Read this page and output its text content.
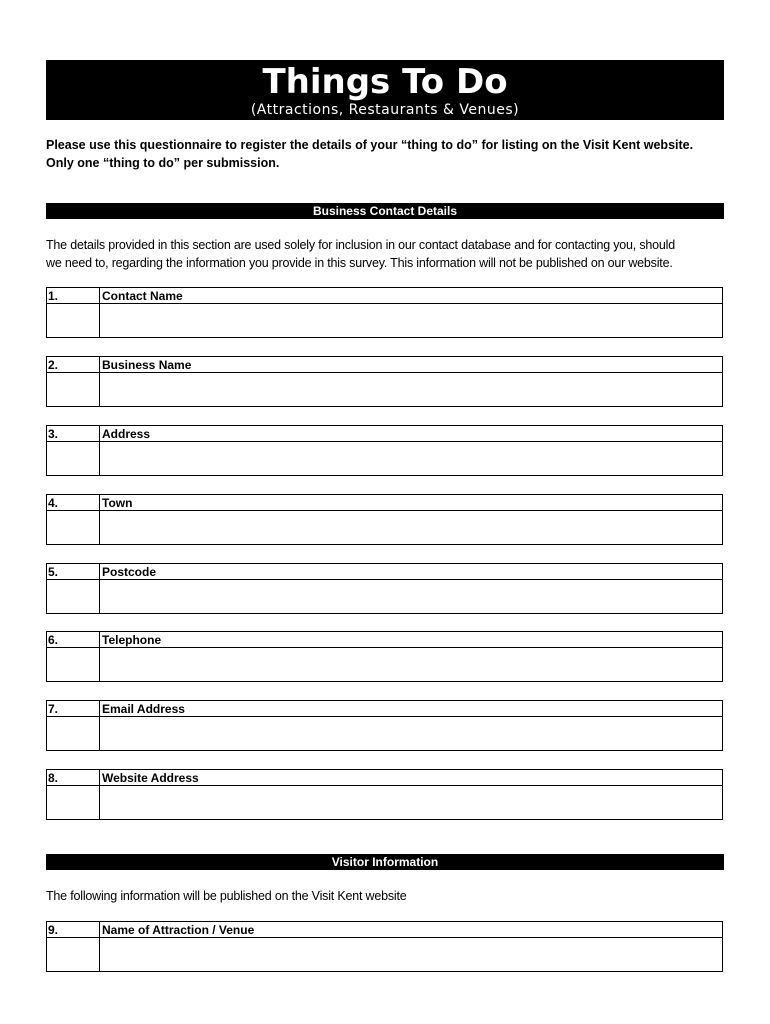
Things To Do
(Attractions, Restaurants & Venues)
Please use this questionnaire to register the details of your “thing to do” for listing on the Visit Kent website.
Only one “thing to do” per submission.
Business Contact Details
The details provided in this section are used solely for inclusion in our contact database and for contacting you, should
we need to, regarding the information you provide in this survey. This information will not be published on our website.
1.	Contact Name
2.	Business Name
3.	Address
4.	Town
5.	Postcode
6.	Telephone
7.	Email Address
8.	Website Address
Visitor Information
The following information will be published on the Visit Kent website
9.	Name of Attraction / Venue
